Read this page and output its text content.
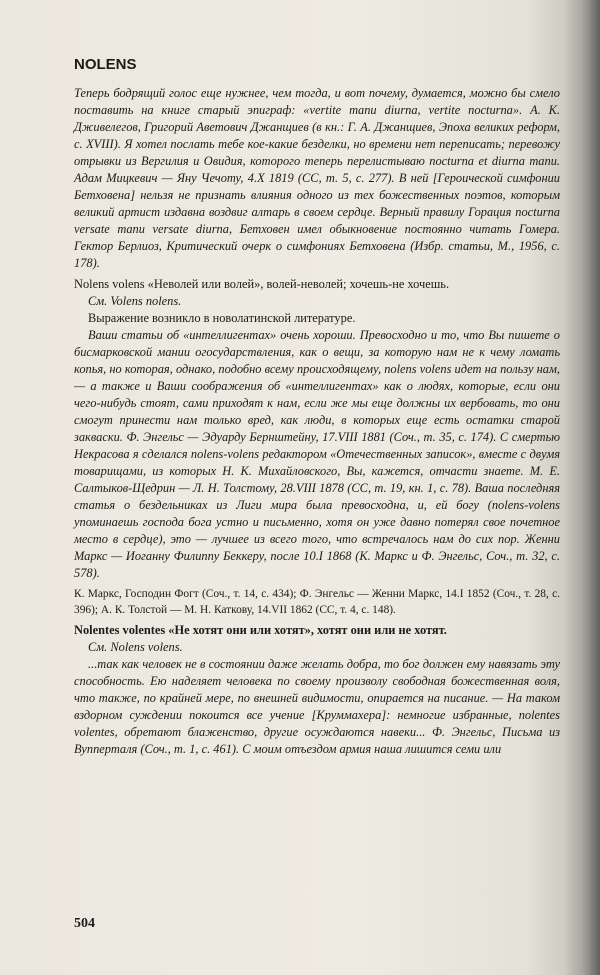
NOLENS

Теперь бодрящий голос еще нужнее, чем тогда, и вот почему, думается, можно бы смело поставить на книге старый эпиграф: «vertite manu diurna, vertite nocturna». А. К. Дживелегов, Григорий Аветович Джанщиев (в кн.: Г. А. Джанщиев, Эпоха великих реформ, с. XVIII). Я хотел послать тебе кое-какие безделки, но времени нет переписать; перевожу отрывки из Вергилия и Овидия, которого теперь перелистываю nocturna et diurna manu. Адам Мицкевич — Яну Чечоту, 4.X 1819 (СС, т. 5, с. 277). В ней [Героической симфонии Бетховена] нельзя не признать влияния одного из тех божественных поэтов, которым великий артист издавна воздвиг алтарь в своем сердце. Верный правилу Горация nocturna versate manu versate diurna, Бетховен имел обыкновение постоянно читать Гомера. Гектор Берлиоз, Критический очерк о симфониях Бетховена (Избр. статьи, М., 1956, с. 178).

Nolens volens «Неволей или волей», волей-неволей; хочешь-не хочешь.

См. Volens nolens.

Выражение возникло в новолатинской литературе.

Ваши статьи об «интеллигентах» очень хороши. Превосходно и то, что Вы пишете о бисмарковской мании огосударствления, как о вещи, за которую нам не к чему ломать копья, но которая, однако, подобно всему происходящему, nolens volens идет на пользу нам, — а также и Ваши соображения об «интеллигентах» как о людях, которые, если они чего-нибудь стоят, сами приходят к нам, если же мы еще должны их вербовать, то они смогут принести нам только вред, как люди, в которых еще есть остатки старой закваски. Ф. Энгельс — Эдуарду Бернштейну, 17.VIII 1881 (Соч., т. 35, с. 174). С смертью Некрасова я сделался nolens-volens редактором «Отечественных записок», вместе с двумя товарищами, из которых Н. К. Михайловского, Вы, кажется, отчасти знаете. М. Е. Салтыков-Щедрин — Л. Н. Толстому, 28.VIII 1878 (СС, т. 19, кн. 1, с. 78). Ваша последняя статья о бездельниках из Лиги мира была превосходна, и, ей богу (nolens-volens упоминаешь господа бога устно и письменно, хотя он уже давно потерял свое почетное место в сердце), это — лучшее из всего того, что встречалось нам до сих пор. Женни Маркс — Иоганну Филиппу Беккеру, после 10.I 1868 (К. Маркс и Ф. Энгельс, Соч., т. 32, с. 578).

К. Маркс, Господин Фогт (Соч., т. 14, с. 434); Ф. Энгельс — Женни Маркс, 14.I 1852 (Соч., т. 28, с. 396); А. К. Толстой — М. Н. Каткову, 14.VII 1862 (СС, т. 4, с. 148).

Nolentes volentes «Не хотят они или хотят», хотят они или не хотят.

См. Nolens volens.

...так как человек не в состоянии даже желать добра, то бог должен ему навязать эту способность. Ею наделяет человека по своему произволу свободная божественная воля, что также, по крайней мере, по внешней видимости, опирается на писание. — На таком вздорном суждении покоится все учение [Круммахера]: немногие избранные, nolentes volentes, обретают блаженство, другие осуждаются навеки... Ф. Энгельс, Письма из Вупперталя (Соч., т. 1, с. 461). С моим отъездом армия наша лишится семи или

504
